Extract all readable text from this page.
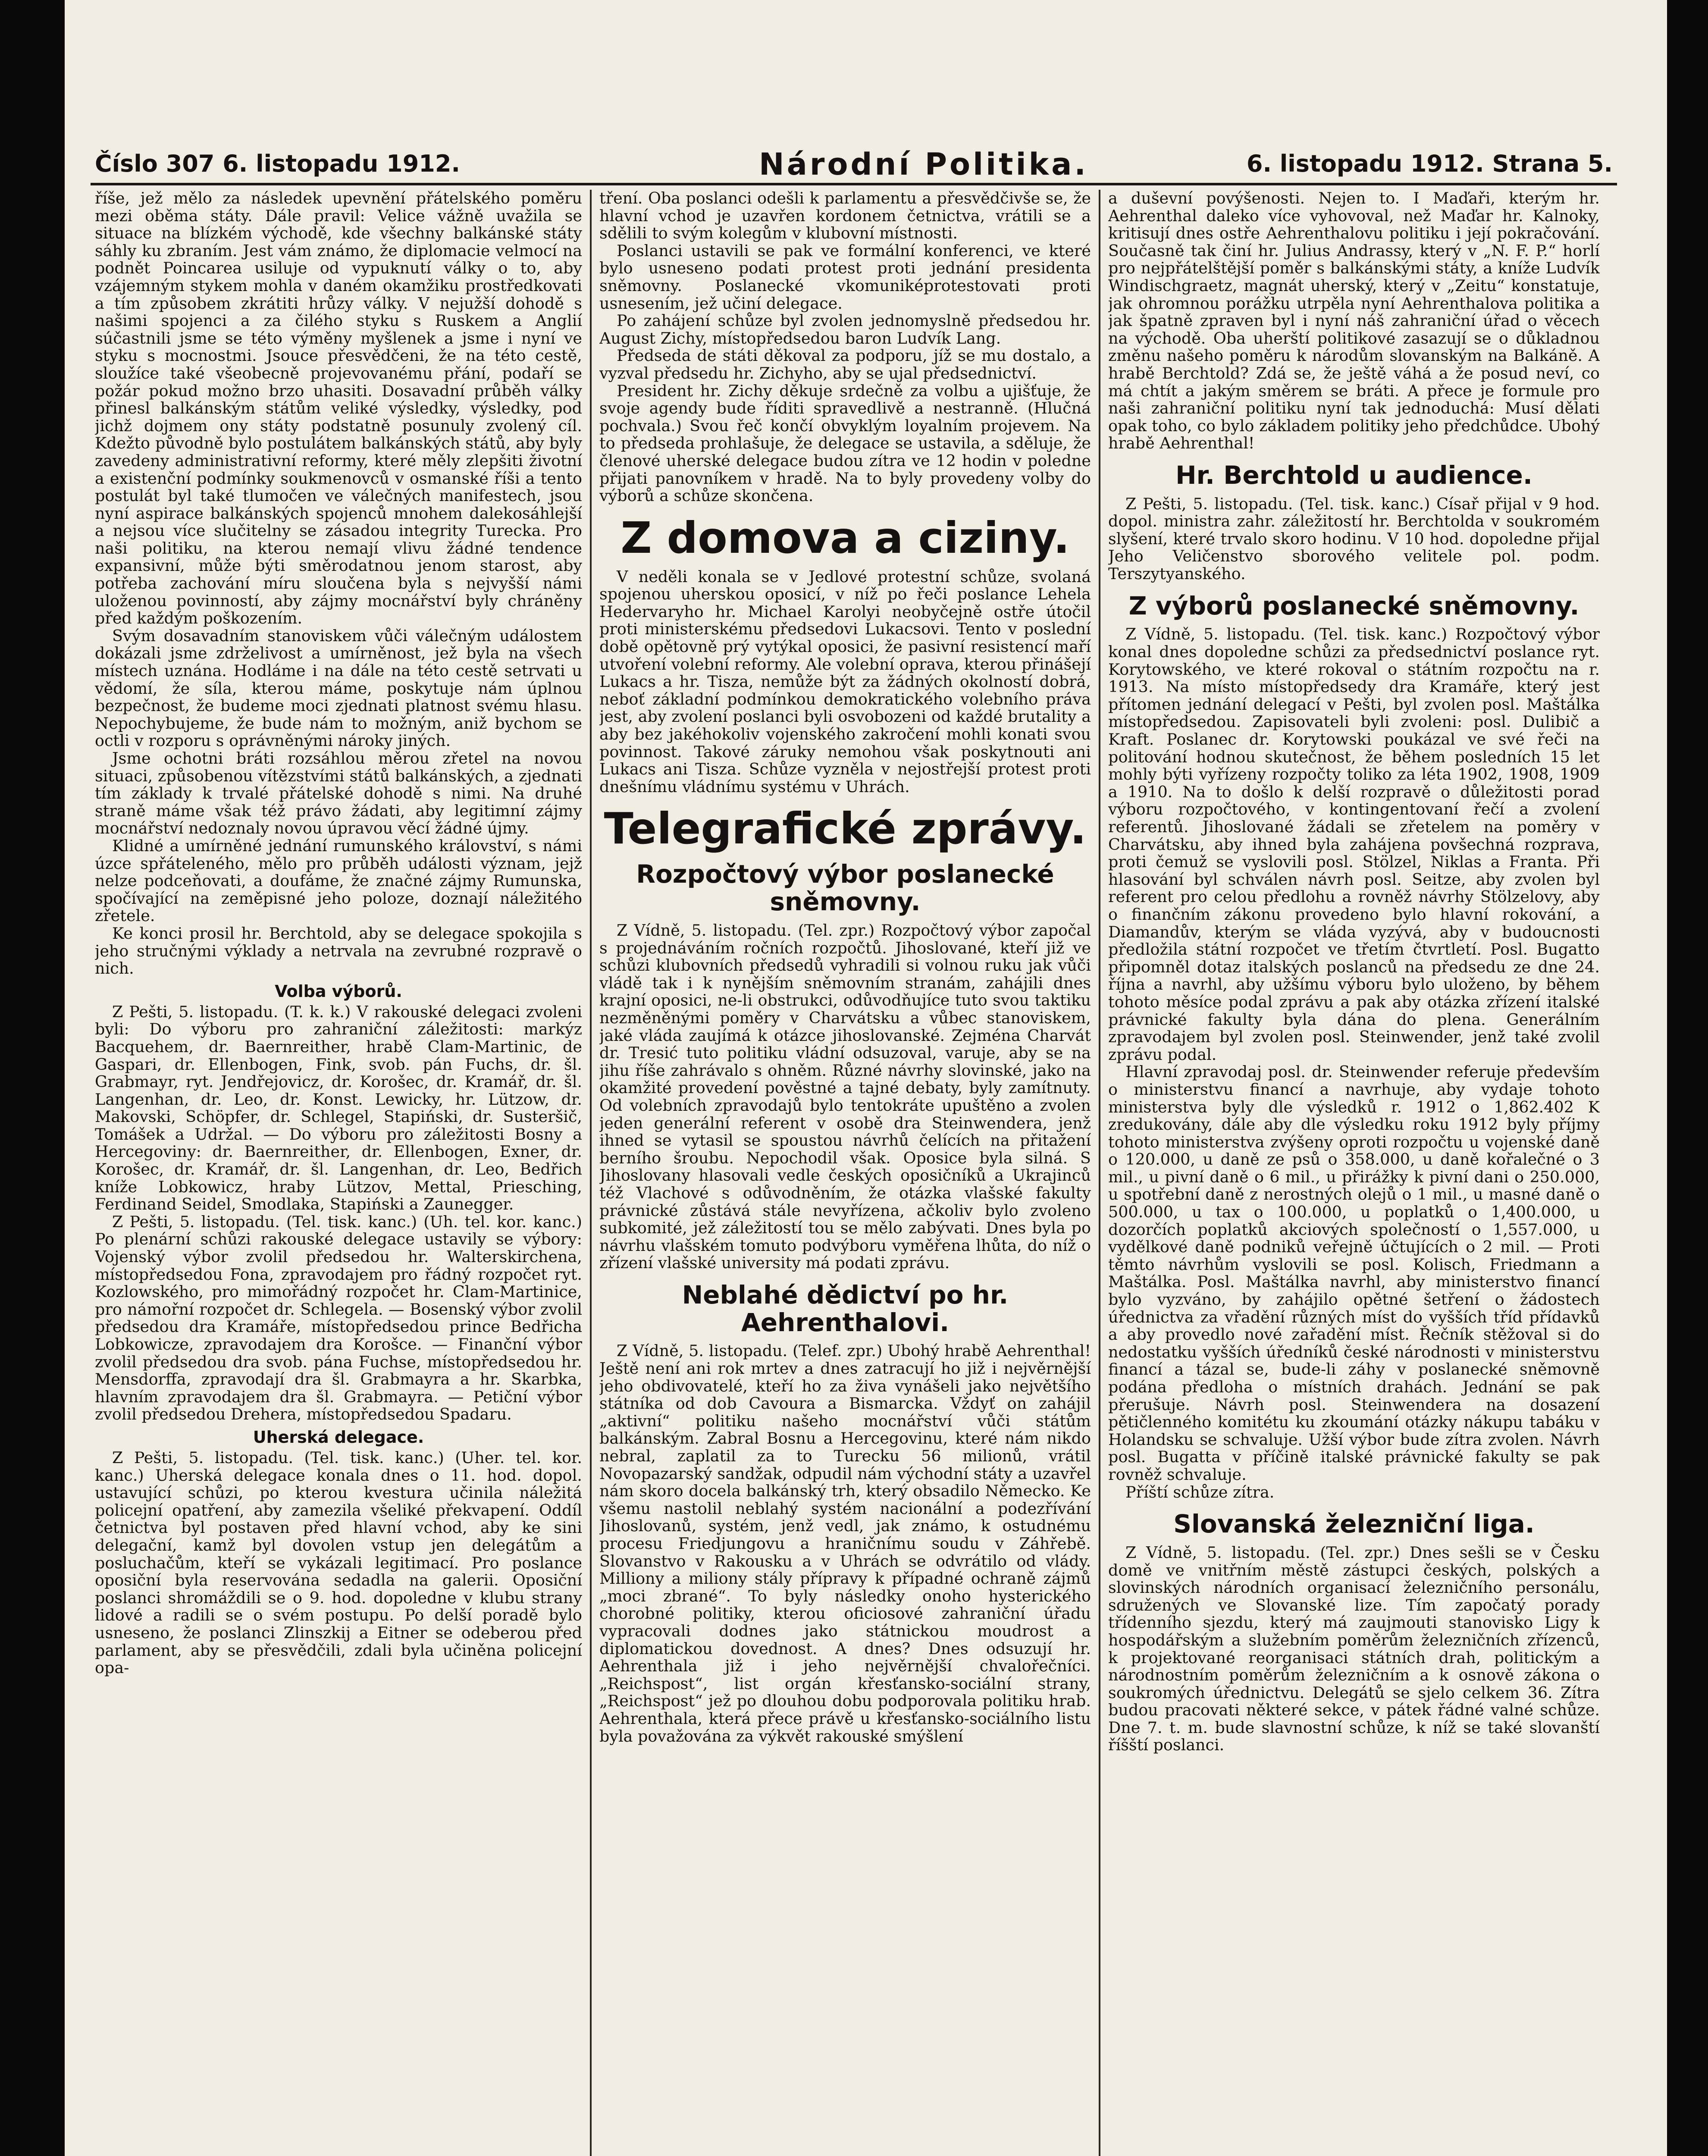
Číslo 307 6. listopadu 1912.	Národní Politika.	6. listopadu 1912. Strana 5.

říše, jež mělo za následek upevnění přátelského poměru mezi oběma státy. Dále pravil: Velice vážně uvažila se situace na blízkém východě, kde všechny balkánské státy sáhly ku zbraním. Jest vám známo, že diplomacie velmocí na podnět Poincarea usiluje od vypuknutí války o to, aby vzájemným stykem mohla v daném okamžiku prostředkovati a tím způsobem zkrátiti hrůzy války. V nejužší dohodě s našimi spojenci a za čilého styku s Ruskem a Anglií súčastnili jsme se této výměny myšlenek a jsme i nyní ve styku s mocnostmi. Jsouce přesvědčeni, že na této cestě, sloužíce také všeobecně projevovanému přání, podaří se požár pokud možno brzo uhasiti. Dosavadní průběh války přinesl balkánským státům veliké výsledky, výsledky, pod jichž dojmem ony státy podstatně posunuly zvolený cíl. Kdežto původně bylo postulátem balkánských států, aby byly zavedeny administrativní reformy, které měly zlepšiti životní a existenční podmínky soukmenovců v osmanské říši a tento postulát byl také tlumočen ve válečných manifestech, jsou nyní aspirace balkánských spojenců mnohem dalekosáhlejší a nejsou více slučitelny se zásadou integrity Turecka. Pro naši politiku, na kterou nemají vlivu žádné tendence expansivní, může býti směrodatnou jenom starost, aby potřeba zachování míru sloučena byla s nejvyšší námi uloženou povinností, aby zájmy mocnářství byly chráněny před každým poškozením.

Svým dosavadním stanoviskem vůči válečným událostem dokázali jsme zdrželivost a umírněnost, jež byla na všech místech uznána. Hodláme i na dále na této cestě setrvati u vědomí, že síla, kterou máme, poskytuje nám úplnou bezpečnost, že budeme moci zjednati platnost svému hlasu. Nepochybujeme, že bude nám to možným, aniž bychom se octli v rozporu s oprávněnými nároky jiných.

Jsme ochotni bráti rozsáhlou měrou zřetel na novou situaci, způsobenou vítězstvími států balkánských, a zjednati tím základy k trvalé přátelské dohodě s nimi. Na druhé straně máme však též právo žádati, aby legitimní zájmy mocnářství nedoznaly novou úpravou věcí žádné újmy.

Klidné a umírněné jednání rumunského království, s námi úzce spřáteleného, mělo pro průběh události význam, jejž nelze podceňovati, a doufáme, že značné zájmy Rumunska, spočívající na zeměpisné jeho poloze, doznají náležitého zřetele.

Ke konci prosil hr. Berchtold, aby se delegace spokojila s jeho stručnými výklady a netrvala na zevrubné rozpravě o nich.

Volba výborů.

Z Pešti, 5. listopadu. (T. k. k.) V rakouské delegaci zvoleni byli: Do výboru pro zahraniční záležitosti: markýz Bacquehem, dr. Baernreither, hrabě Clam-Martinic, de Gaspari, dr. Ellenbogen, Fink, svob. pán Fuchs, dr. šl. Grabmayr, ryt. Jendřejovicz, dr. Korošec, dr. Kramář, dr. šl. Langenhan, dr. Leo, dr. Konst. Lewicky, hr. Lützow, dr. Makovski, Schöpfer, dr. Schlegel, Stapiński, dr. Susteršič, Tomášek a Udržal. — Do výboru pro záležitosti Bosny a Hercegoviny: dr. Baernreither, dr. Ellenbogen, Exner, dr. Korošec, dr. Kramář, dr. šl. Langenhan, dr. Leo, Bedřich kníže Lobkowicz, hraby Lützov, Mettal, Priesching, Ferdinand Seidel, Smodlaka, Stapiński a Zaunegger.

Z Pešti, 5. listopadu. (Tel. tisk. kanc.) (Uh. tel. kor. kanc.) Po plenární schůzi rakouské delegace ustavily se výbory: Vojenský výbor zvolil předsedou hr. Walterskirchena, místopředsedou Fona, zpravodajem pro řádný rozpočet ryt. Kozlowského, pro mimořádný rozpočet hr. Clam-Martinice, pro námořní rozpočet dr. Schlegela. — Bosenský výbor zvolil předsedou dra Kramáře, místopředsedou prince Bedřicha Lobkowicze, zpravodajem dra Korošce. — Finanční výbor zvolil předsedou dra svob. pána Fuchse, místopředsedou hr. Mensdorffa, zpravodají dra šl. Grabmayra a hr. Skarbka, hlavním zpravodajem dra šl. Grabmayra. — Petiční výbor zvolil předsedou Drehera, místopředsedou Spadaru.

Uherská delegace.

Z Pešti, 5. listopadu. (Tel. tisk. kanc.) (Uher. tel. kor. kanc.) Uherská delegace konala dnes o 11. hod. dopol. ustavující schůzi, po kterou kvestura učinila náležitá policejní opatření, aby zamezila všeliké překvapení. Oddíl četnictva byl postaven před hlavní vchod, aby ke sini delegační, kamž byl dovolen vstup jen delegátům a posluchačům, kteří se vykázali legitimací. Pro poslance oposiční byla reservována sedadla na galerii. Oposiční poslanci shromáždili se o 9. hod. dopoledne v klubu strany lidové a radili se o svém postupu. Po delší poradě bylo usneseno, že poslanci Zlinszkij a Eitner se odeberou před parlament, aby se přesvědčili, zdali byla učiněna policejní opa-

tření. Oba poslanci odešli k parlamentu a přesvědčivše se, že hlavní vchod je uzavřen kordonem četnictva, vrátili se a sdělili to svým kolegům v klubovní místnosti.

Poslanci ustavili se pak ve formální konferenci, ve které bylo usneseno podati protest proti jednání presidenta sněmovny. Poslanecké vkomuniképrotestovati proti usnesením, jež učiní delegace.

Po zahájení schůze byl zvolen jednomyslně předsedou hr. August Zichy, místopředsedou baron Ludvík Lang.

Předseda de státi děkoval za podporu, jíž se mu dostalo, a vyzval předsedu hr. Zichyho, aby se ujal předsednictví.

President hr. Zichy děkuje srdečně za volbu a ujišťuje, že svoje agendy bude říditi spravedlivě a nestranně. (Hlučná pochvala.) Svou řeč končí obvyklým loyalním projevem. Na to předseda prohlašuje, že delegace se ustavila, a sděluje, že členové uherské delegace budou zítra ve 12 hodin v poledne přijati panovníkem v hradě. Na to byly provedeny volby do výborů a schůze skončena.

Z domova a ciziny.

V neděli konala se v Jedlové protestní schůze, svolaná spojenou uherskou oposicí, v níž po řeči poslance Lehela Hedervaryho hr. Michael Karolyi neobyčejně ostře útočil proti ministerskému předsedovi Lukacsovi. Tento v poslední době opětovně prý vytýkal oposici, že pasivní resistencí maří utvoření volební reformy. Ale volební oprava, kterou přinášejí Lukacs a hr. Tisza, nemůže být za žádných okolností dobrá, neboť základní podmínkou demokratického volebního práva jest, aby zvolení poslanci byli osvobozeni od každé brutality a aby bez jakéhokoliv vojenského zakročení mohli konati svou povinnost. Takové záruky nemohou však poskytnouti ani Lukacs ani Tisza. Schůze vyzněla v nejostřejší protest proti dnešnímu vládnímu systému v Uhrách.

Telegrafické zprávy.
Rozpočtový výbor poslanecké sněmovny.

Z Vídně, 5. listopadu. (Tel. zpr.) Rozpočtový výbor započal s projednáváním ročních rozpočtů. Jihoslované, kteří již ve schůzi klubovních předsedů vyhradili si volnou ruku jak vůči vládě tak i k nynějším sněmovním stranám, zahájili dnes krajní oposici, ne-li obstrukci, odůvodňujíce tuto svou taktiku nezměněnými poměry v Charvátsku a vůbec stanoviskem, jaké vláda zaujímá k otázce jihoslovanské. Zejména Charvát dr. Tresić tuto politiku vládní odsuzoval, varuje, aby se na jihu říše zahrávalo s ohněm. Různé návrhy slovinské, jako na okamžité provedení pověstné a tajné debaty, byly zamítnuty. Od volebních zpravodajů bylo tentokráte upuštěno a zvolen jeden generální referent v osobě dra Steinwendera, jenž ihned se vytasil se spoustou návrhů čelících na přitažení berního šroubu. Nepochodil však. Oposice byla silná. S Jihoslovany hlasovali vedle českých oposičníků a Ukrajinců též Vlachové s odůvodněním, že otázka vlašské fakulty právnické zůstává stále nevyřízena, ačkoliv bylo zvoleno subkomité, jež záležitostí tou se mělo zabývati. Dnes byla po návrhu vlašském tomuto podvýboru vyměřena lhůta, do níž o zřízení vlašské university má podati zprávu.

Neblahé dědictví po hr. Aehrenthalovi.

Z Vídně, 5. listopadu. (Telef. zpr.) Ubohý hrabě Aehrenthal! Ještě není ani rok mrtev a dnes zatracují ho již i nejvěrnější jeho obdivovatelé, kteří ho za živa vynášeli jako největšího státníka od dob Cavoura a Bismarcka. Vždyť on zahájil „aktivní“ politiku našeho mocnářství vůči státům balkánským. Zabral Bosnu a Hercegovinu, které nám nikdo nebral, zaplatil za to Turecku 56 milionů, vrátil Novopazarský sandžak, odpudil nám východní státy a uzavřel nám skoro docela balkánský trh, který obsadilo Německo. Ke všemu nastolil neblahý systém nacionální a podezřívání Jihoslovanů, systém, jenž vedl, jak známo, k ostudnému procesu Friedjungovu a hraničnímu soudu v Záhřebě. Slovanstvo v Rakousku a v Uhrách se odvrátilo od vlády. Milliony a miliony stály přípravy k případné ochraně zájmů „moci zbrané“. To byly následky onoho hysterického chorobné politiky, kterou oficiosové zahraniční úřadu vypracovali dodnes jako státnickou moudrost a diplomatickou dovednost. A dnes? Dnes odsuzují hr. Aehrenthala již i jeho nejvěrnější chvalořečníci. „Reichspost“, list orgán křesťansko-sociální strany, „Reichspost“ jež po dlouhou dobu podporovala politiku hrab. Aehrenthala, která přece právě u křesťansko-sociálního listu byla považována za výkvět rakouské smýšlení

a duševní povýšenosti. Nejen to. I Maďaři, kterým hr. Aehrenthal daleko více vyhovoval, než Maďar hr. Kalnoky, kritisují dnes ostře Aehrenthalovu politiku i její pokračování. Současně tak činí hr. Julius Andrassy, který v „N. F. P.“ horlí pro nejpřátelštější poměr s balkánskými státy, a kníže Ludvík Windischgraetz, magnát uherský, který v „Zeitu“ konstatuje, jak ohromnou porážku utrpěla nyní Aehrenthalova politika a jak špatně zpraven byl i nyní náš zahraniční úřad o věcech na východě. Oba uherští politikové zasazují se o důkladnou změnu našeho poměru k národům slovanským na Balkáně. A hrabě Berchtold? Zdá se, že ještě váhá a že posud neví, co má chtít a jakým směrem se bráti. A přece je formule pro naši zahraniční politiku nyní tak jednoduchá: Musí dělati opak toho, co bylo základem politiky jeho předchůdce. Ubohý hrabě Aehrenthal!

Hr. Berchtold u audience.

Z Pešti, 5. listopadu. (Tel. tisk. kanc.) Císař přijal v 9 hod. dopol. ministra zahr. záležitostí hr. Berchtolda v soukromém slyšení, které trvalo skoro hodinu. V 10 hod. dopoledne přijal Jeho Veličenstvo sborového velitele pol. podm. Terszytyanského.

Z výborů poslanecké sněmovny.

Z Vídně, 5. listopadu. (Tel. tisk. kanc.) Rozpočtový výbor konal dnes dopoledne schůzi za předsednictví poslance ryt. Korytowského, ve které rokoval o státním rozpočtu na r. 1913. Na místo místopředsedy dra Kramáře, který jest přítomen jednání delegací v Pešti, byl zvolen posl. Maštálka místopředsedou. Zapisovateli byli zvoleni: posl. Dulibič a Kraft. Poslanec dr. Korytowski poukázal ve své řeči na politování hodnou skutečnost, že během posledních 15 let mohly býti vyřízeny rozpočty toliko za léta 1902, 1908, 1909 a 1910. Na to došlo k delší rozpravě o důležitosti porad výboru rozpočtového, v kontingentovaní řečí a zvolení referentů. Jihoslované žádali se zřetelem na poměry v Charvátsku, aby ihned byla zahájena povšechná rozprava, proti čemuž se vyslovili posl. Stölzel, Niklas a Franta. Při hlasování byl schválen návrh posl. Seitze, aby zvolen byl referent pro celou předlohu a rovněž návrhy Stölzelovy, aby o finančním zákonu provedeno bylo hlavní rokování, a Diamandův, kterým se vláda vyzývá, aby v budoucnosti předložila státní rozpočet ve třetím čtvrtletí. Posl. Bugatto připomněl dotaz italských poslanců na předsedu ze dne 24. října a navrhl, aby užšímu výboru bylo uloženo, by během tohoto měsíce podal zprávu a pak aby otázka zřízení italské právnické fakulty byla dána do plena. Generálním zpravodajem byl zvolen posl. Steinwender, jenž také zvolil zprávu podal.

Hlavní zpravodaj posl. dr. Steinwender referuje především o ministerstvu financí a navrhuje, aby vydaje tohoto ministerstva byly dle výsledků r. 1912 o 1,862.402 K zredukovány, dále aby dle výsledku roku 1912 byly příjmy tohoto ministerstva zvýšeny oproti rozpočtu u vojenské daně o 120.000, u daně ze psů o 358.000, u daně kořalečné o 3 mil., u pivní daně o 6 mil., u přirážky k pivní dani o 250.000, u spotřební daně z nerostných olejů o 1 mil., u masné daně o 500.000, u tax o 100.000, u poplatků o 1,400.000, u dozorčích poplatků akciových společností o 1,557.000, u vydělkové daně podniků veřejně účtujících o 2 mil. — Proti těmto návrhům vyslovili se posl. Kolisch, Friedmann a Maštálka. Posl. Maštálka navrhl, aby ministerstvo financí bylo vyzváno, by zahájilo opětné šetření o žádostech úřednictva za vřadění různých míst do vyšších tříd přídavků a aby provedlo nové zařadění míst. Řečník stěžoval si do nedostatku vyšších úředníků české národnosti v ministerstvu financí a tázal se, bude-li záhy v poslanecké sněmovně podána předloha o místních drahách. Jednání se pak přerušuje. Návrh posl. Steinwendera na dosazení pětičlenného komitétu ku zkoumání otázky nákupu tabáku v Holandsku se schvaluje. Užší výbor bude zítra zvolen. Návrh posl. Bugatta v příčině italské právnické fakulty se pak rovněž schvaluje.

Příští schůze zítra.

Slovanská železniční liga.

Z Vídně, 5. listopadu. (Tel. zpr.) Dnes sešli se v Česku domě ve vnitřním městě zástupci českých, polských a slovinských národních organisací železničního personálu, sdružených ve Slovanské lize. Tím započatý porady třídenního sjezdu, který má zaujmouti stanovisko Ligy k hospodářským a služebním poměrům železničních zřízenců, k projektované reorganisaci státních drah, politickým a národnostním poměrům železničním a k osnově zákona o soukromých úřednictvu. Delegátů se sjelo celkem 36. Zítra budou pracovati některé sekce, v pátek řádné valné schůze. Dne 7. t. m. bude slavnostní schůze, k níž se také slovanští říšští poslanci.
